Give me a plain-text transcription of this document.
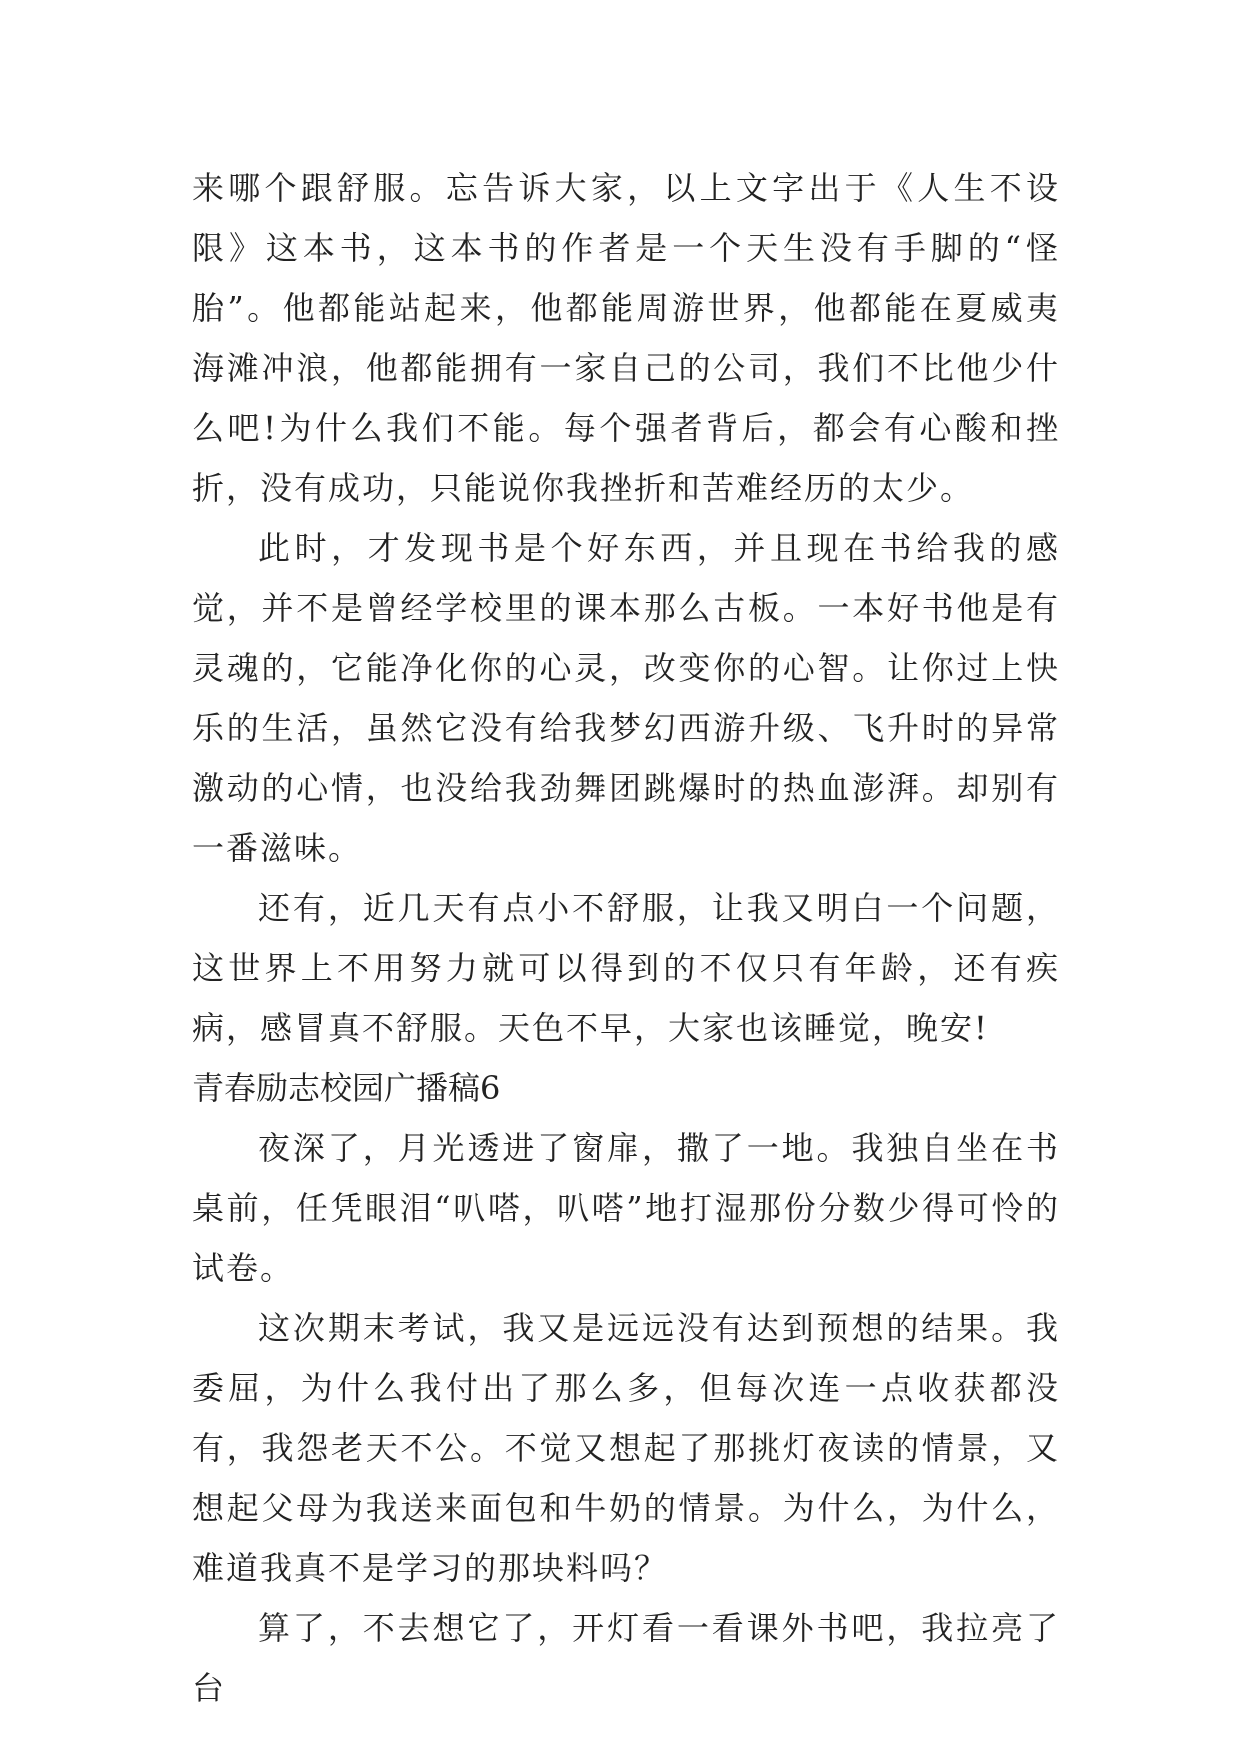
来哪个跟舒服。忘告诉大家，以上文字出于《人生不设限》这本书，这本书的作者是一个天生没有手脚的“怪胎”。他都能站起来，他都能周游世界，他都能在夏威夷海滩冲浪，他都能拥有一家自己的公司，我们不比他少什么吧!为什么我们不能。每个强者背后，都会有心酸和挫折，没有成功，只能说你我挫折和苦难经历的太少。

此时，才发现书是个好东西，并且现在书给我的感觉，并不是曾经学校里的课本那么古板。一本好书他是有灵魂的，它能净化你的心灵，改变你的心智。让你过上快乐的生活，虽然它没有给我梦幻西游升级、飞升时的异常激动的心情，也没给我劲舞团跳爆时的热血澎湃。却别有一番滋味。

还有，近几天有点小不舒服，让我又明白一个问题，这世界上不用努力就可以得到的不仅只有年龄，还有疾病，感冒真不舒服。天色不早，大家也该睡觉，晚安!

青春励志校园广播稿6

夜深了，月光透进了窗扉，撒了一地。我独自坐在书桌前，任凭眼泪“叭嗒，叭嗒”地打湿那份分数少得可怜的试卷。

这次期末考试，我又是远远没有达到预想的结果。我委屈，为什么我付出了那么多，但每次连一点收获都没有，我怨老天不公。不觉又想起了那挑灯夜读的情景，又想起父母为我送来面包和牛奶的情景。为什么，为什么，难道我真不是学习的那块料吗？

算了，不去想它了，开灯看一看课外书吧，我拉亮了台
